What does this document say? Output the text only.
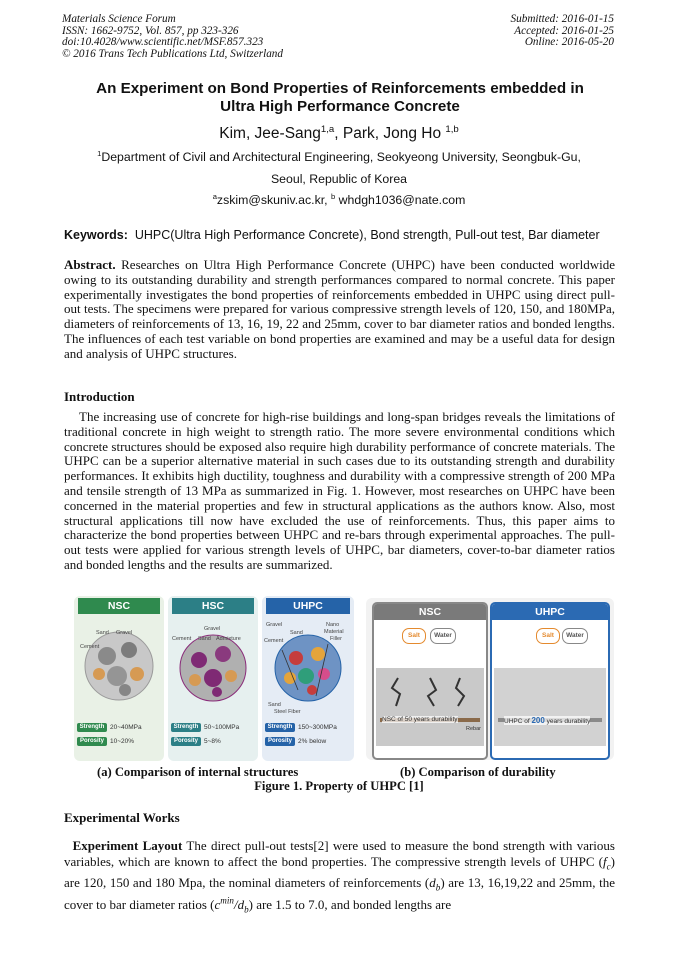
Materials Science Forum
ISSN: 1662-9752, Vol. 857, pp 323-326
doi:10.4028/www.scientific.net/MSF.857.323
© 2016 Trans Tech Publications Ltd, Switzerland
Submitted: 2016-01-15
Accepted: 2016-01-25
Online: 2016-05-20
An Experiment on Bond Properties of Reinforcements embedded in
Ultra High Performance Concrete
Kim, Jee-Sang$^{1,a}$, Park, Jong Ho $^{1,b}$
$^1$Department of Civil and Architectural Engineering, Seokyeong University, Seongbuk-Gu,
Seoul, Republic of Korea
$^a$zskim@skuniv.ac.kr, $^b$ whdgh1036@nate.com
Keywords:  UHPC(Ultra High Performance Concrete), Bond strength, Pull-out test, Bar diameter
Abstract. Researches on Ultra High Performance Concrete (UHPC) have been conducted worldwide owing to its outstanding durability and strength performances compared to normal concrete. This paper experimentally investigates the bond properties of reinforcements embedded in UHPC using direct pull-out tests. The specimens were prepared for various compressive strength levels of 120, 150, and 180MPa, diameters of reinforcements of 13, 16, 19, 22 and 25mm, cover to bar diameter ratios and bonded lengths. The influences of each test variable on bond properties are examined and may be a useful data for design and analysis of UHPC structures.
Introduction
The increasing use of concrete for high-rise buildings and long-span bridges reveals the limitations of traditional concrete in high weight to strength ratio. The more severe environmental conditions which concrete structures should be exposed also require high durability performance of concrete materials. The UHPC can be a superior alternative material in such cases due to its outstanding strength and durability performances. It exhibits high ductility, toughness and durability with a compressive strength of 200 MPa and tensile strength of 13 MPa as summarized in Fig. 1. However, most researches on UHPC have been concerned in the material properties and few in structural applications as the authors know. Also, most structural applications till now have excluded the use of reinforcements. Thus, this paper aims to characterize the bond properties between UHPC and re-bars through experimental approaches. The pull-out tests were applied for various strength levels of UHPC, bar diameters, cover-to-bar diameter ratios and bonded lengths and the results are summarized.
NSC
Sand Gravel
Cement
Strength 20~40MPa
Porosity 10~20%
HSC
Gravel
Cement Sand Admixture
Strength 50~100MPa
Porosity 5~8%
UHPC
Gravel
Sand
Nano
Material
Filler
Cement
Sand
Steel Fiber
Strength 150~300MPa
Porosity 2% below
NSC
Salt	Water
NSC of 50 years durability
Rebar
UHPC
Salt	Water
UHPC of 200 years durability
(a) Comparison of internal structures	(b) Comparison of durability
Figure 1. Property of UHPC [1]
Experimental Works
Experiment Layout The direct pull-out tests[2] were used to measure the bond strength with various variables, which are known to affect the bond properties. The compressive strength levels of UHPC $(f_c)$ are 120, 150 and 180 Mpa, the nominal diameters of reinforcements $(d_b)$ are 13, 16,19,22 and 25mm, the cover to bar diameter ratios $(c^{min}/d_b)$ are 1.5 to 7.0, and bonded lengths are
